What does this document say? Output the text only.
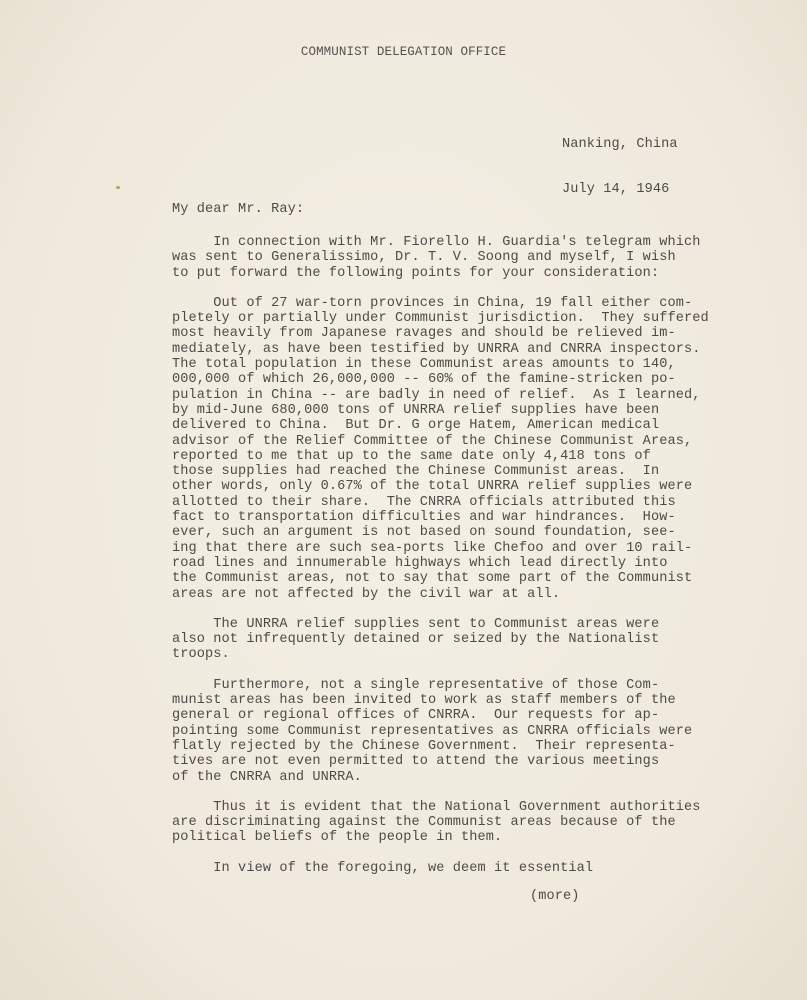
COMMUNIST DELEGATION OFFICE

Nanking, China

July 14, 1946

My dear Mr. Ray:
In connection with Mr. Fiorello H. Guardia's telegram which
was sent to Generalissimo, Dr. T. V. Soong and myself, I wish
to put forward the following points for your consideration:
Out of 27 war-torn provinces in China, 19 fall either com-
pletely or partially under Communist jurisdiction.  They suffered
most heavily from Japanese ravages and should be relieved im-
mediately, as have been testified by UNRRA and CNRRA inspectors.
The total population in these Communist areas amounts to 140,
000,000 of which 26,000,000 -- 60% of the famine-stricken po-
pulation in China -- are badly in need of relief.  As I learned,
by mid-June 680,000 tons of UNRRA relief supplies have been
delivered to China.  But Dr. G orge Hatem, American medical
advisor of the Relief Committee of the Chinese Communist Areas,
reported to me that up to the same date only 4,418 tons of
those supplies had reached the Chinese Communist areas.  In
other words, only 0.67% of the total UNRRA relief supplies were
allotted to their share.  The CNRRA officials attributed this
fact to transportation difficulties and war hindrances.  How-
ever, such an argument is not based on sound foundation, see-
ing that there are such sea-ports like Chefoo and over 10 rail-
road lines and innumerable highways which lead directly into
the Communist areas, not to say that some part of the Communist
areas are not affected by the civil war at all.
The UNRRA relief supplies sent to Communist areas were
also not infrequently detained or seized by the Nationalist
troops.
Furthermore, not a single representative of those Com-
munist areas has been invited to work as staff members of the
general or regional offices of CNRRA.  Our requests for ap-
pointing some Communist representatives as CNRRA officials were
flatly rejected by the Chinese Government.  Their representa-
tives are not even permitted to attend the various meetings
of the CNRRA and UNRRA.
Thus it is evident that the National Government authorities
are discriminating against the Communist areas because of the
political beliefs of the people in them.
In view of the foregoing, we deem it essential
(more)
